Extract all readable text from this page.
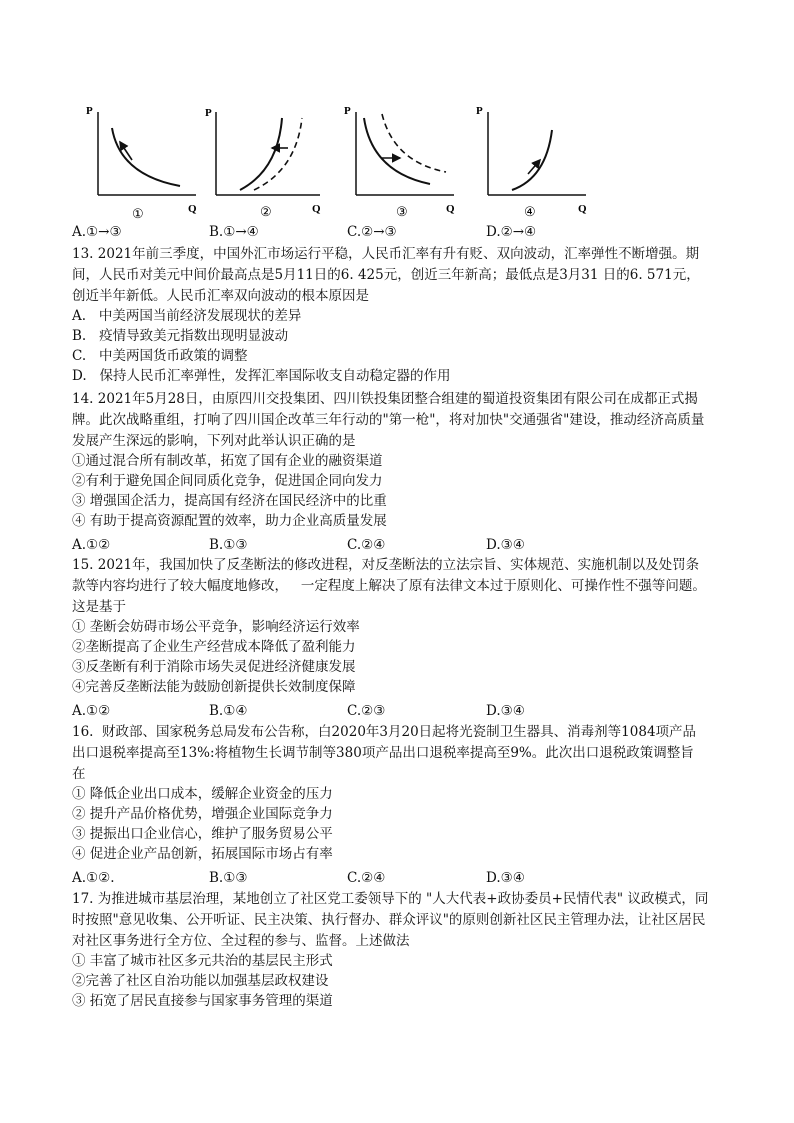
P
Q
①
P
Q
②
P
Q
③
P
Q
④
A.①→③	B.①→④	C.②→③	D.②→④
13. 2021年前三季度，中国外汇市场运行平稳，人民币汇率有升有贬、双向波动，汇率弹性不断增强。期
间，人民币对美元中间价最高点是5月11日的6. 425元，创近三年新高；最低点是3月31 日的6. 571元，
创近半年新低。人民币汇率双向波动的根本原因是
A.   中美两国当前经济发展现状的差异
B.   疫情导致美元指数出现明显波动
C.   中美两国货币政策的调整
D.   保持人民币汇率弹性，发挥汇率国际收支自动稳定器的作用
14. 2021年5月28日，由原四川交投集团、四川铁投集团整合组建的蜀道投资集团有限公司在成都正式揭
牌。此次战略重组，打响了四川国企改革三年行动的"第一枪"，将对加快"交通强省"建设，推动经济高质量
发展产生深远的影响，下列对此举认识正确的是
①通过混合所有制改革，拓宽了国有企业的融资渠道
②有利于避免国企间同质化竞争，促进国企同向发力
③ 增强国企活力，提高国有经济在国民经济中的比重
④ 有助于提高资源配置的效率，助力企业高质量发展
A.①②	B.①③	C.②④	D.③④
15. 2021年，我国加快了反垄断法的修改进程，对反垄断法的立法宗旨、实体规范、实施机制以及处罚条
款等内容均进行了较大幅度地修改，   一定程度上解决了原有法律文本过于原则化、可操作性不强等问题。
这是基于
① 垄断会妨碍市场公平竞争，影响经济运行效率
②垄断提高了企业生产经营成本降低了盈利能力
③反垄断有利于消除市场失灵促进经济健康发展
④完善反垄断法能为鼓励创新提供长效制度保障
A.①②	B.①④	C.②③	D.③④
16.  财政部、国家税务总局发布公告称，白2020年3月20日起将光瓷制卫生器具、消毒剂等1084项产品
出口退税率提高至13%:将植物生长调节制等380项产品出口退税率提高至9%。此次出口退税政策调整旨
在
① 降低企业出口成本，缓解企业资金的压力
② 提升产品价格优势，增强企业国际竞争力
③ 提振出口企业信心，维护了服务贸易公平
④ 促进企业产品创新，拓展国际市场占有率
A.①②.	B.①③	C.②④	D.③④
17. 为推进城市基层治理，某地创立了社区党工委领导下的 "人大代表+政协委员+民情代表" 议政模式，同
时按照"意见收集、公开听证、民主决策、执行督办、群众评议"的原则创新社区民主管理办法，让社区居民
对社区事务进行全方位、全过程的参与、监督。上述做法
① 丰富了城市社区多元共治的基层民主形式
②完善了社区自治功能以加强基层政权建设
③ 拓宽了居民直接参与国家事务管理的渠道
